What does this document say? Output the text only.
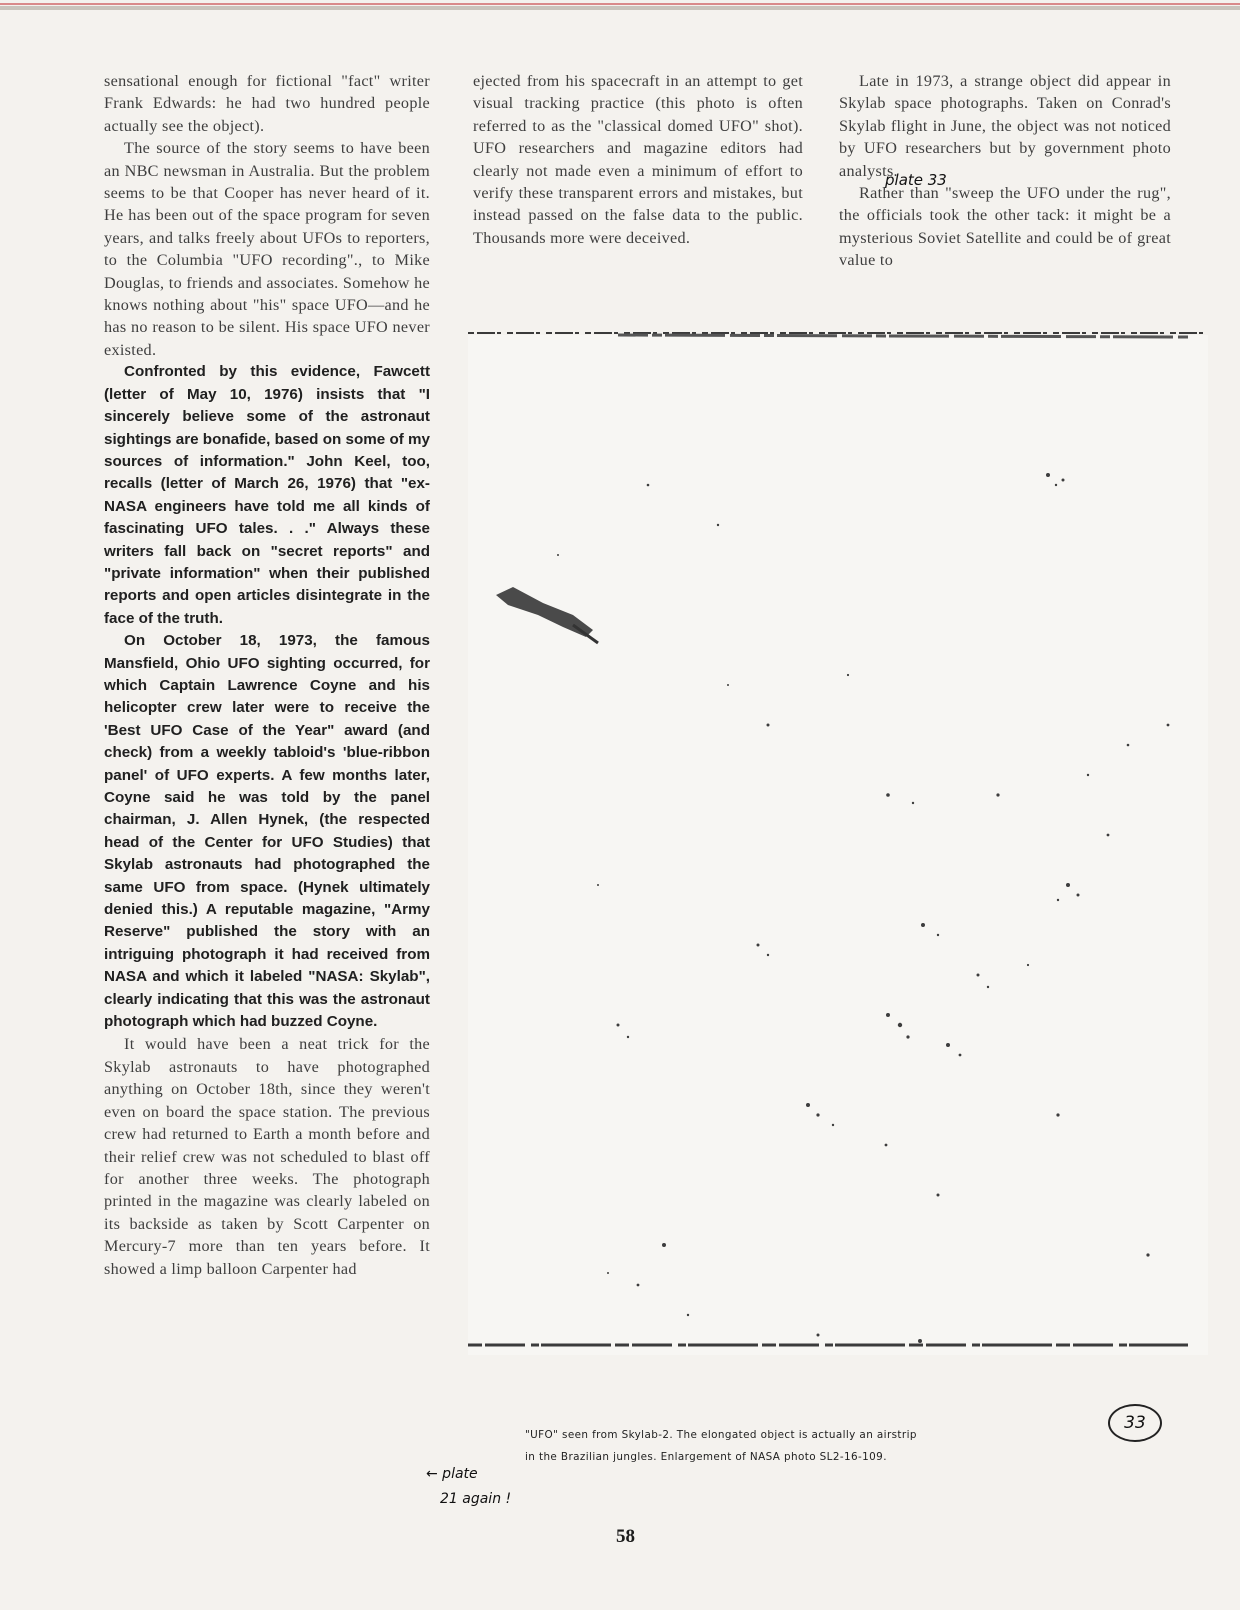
sensational enough for fictional "fact" writer Frank Edwards: he had two hundred people actually see the object).

The source of the story seems to have been an NBC newsman in Australia. But the problem seems to be that Cooper has never heard of it. He has been out of the space program for seven years, and talks freely about UFOs to reporters, to the Columbia "UFO recording"., to Mike Douglas, to friends and associates. Somehow he knows nothing about "his" space UFO—and he has no reason to be silent. His space UFO never existed.

Confronted by this evidence, Fawcett (letter of May 10, 1976) insists that "I sincerely believe some of the astronaut sightings are bonafide, based on some of my sources of information." John Keel, too, recalls (letter of March 26, 1976) that "ex-NASA engineers have told me all kinds of fascinating UFO tales. . ." Always these writers fall back on "secret reports" and "private information" when their published reports and open articles disintegrate in the face of the truth.

On October 18, 1973, the famous Mansfield, Ohio UFO sighting occurred, for which Captain Lawrence Coyne and his helicopter crew later were to receive the 'Best UFO Case of the Year" award (and check) from a weekly tabloid's 'blue-ribbon panel' of UFO experts. A few months later, Coyne said he was told by the panel chairman, J. Allen Hynek, (the respected head of the Center for UFO Studies) that Skylab astronauts had photographed the same UFO from space. (Hynek ultimately denied this.) A reputable magazine, "Army Reserve" published the story with an intriguing photograph it had received from NASA and which it labeled "NASA: Skylab", clearly indicating that this was the astronaut photograph which had buzzed Coyne.

It would have been a neat trick for the Skylab astronauts to have photographed anything on October 18th, since they weren't even on board the space station. The previous crew had returned to Earth a month before and their relief crew was not scheduled to blast off for another three weeks. The photograph printed in the magazine was clearly labeled on its backside as taken by Scott Carpenter on Mercury-7 more than ten years before. It showed a limp balloon Carpenter had

ejected from his spacecraft in an attempt to get visual tracking practice (this photo is often referred to as the "classical domed UFO" shot). UFO researchers and magazine editors had clearly not made even a minimum of effort to verify these transparent errors and mistakes, but instead passed on the false data to the public. Thousands more were deceived.

Late in 1973, a strange object did appear in Skylab space photographs. Taken on Conrad's Skylab flight in June, the object was not noticed by UFO researchers but by government photo analysts.

Rather than "sweep the UFO under the rug", the officials took the other tack: it might be a mysterious Soviet Satellite and could be of great value to

plate 33
33
"UFO" seen from Skylab-2. The elongated object is actually an airstrip
in the Brazilian jungles. Enlargement of NASA photo SL2-16-109.
← plate
21 again !
58
